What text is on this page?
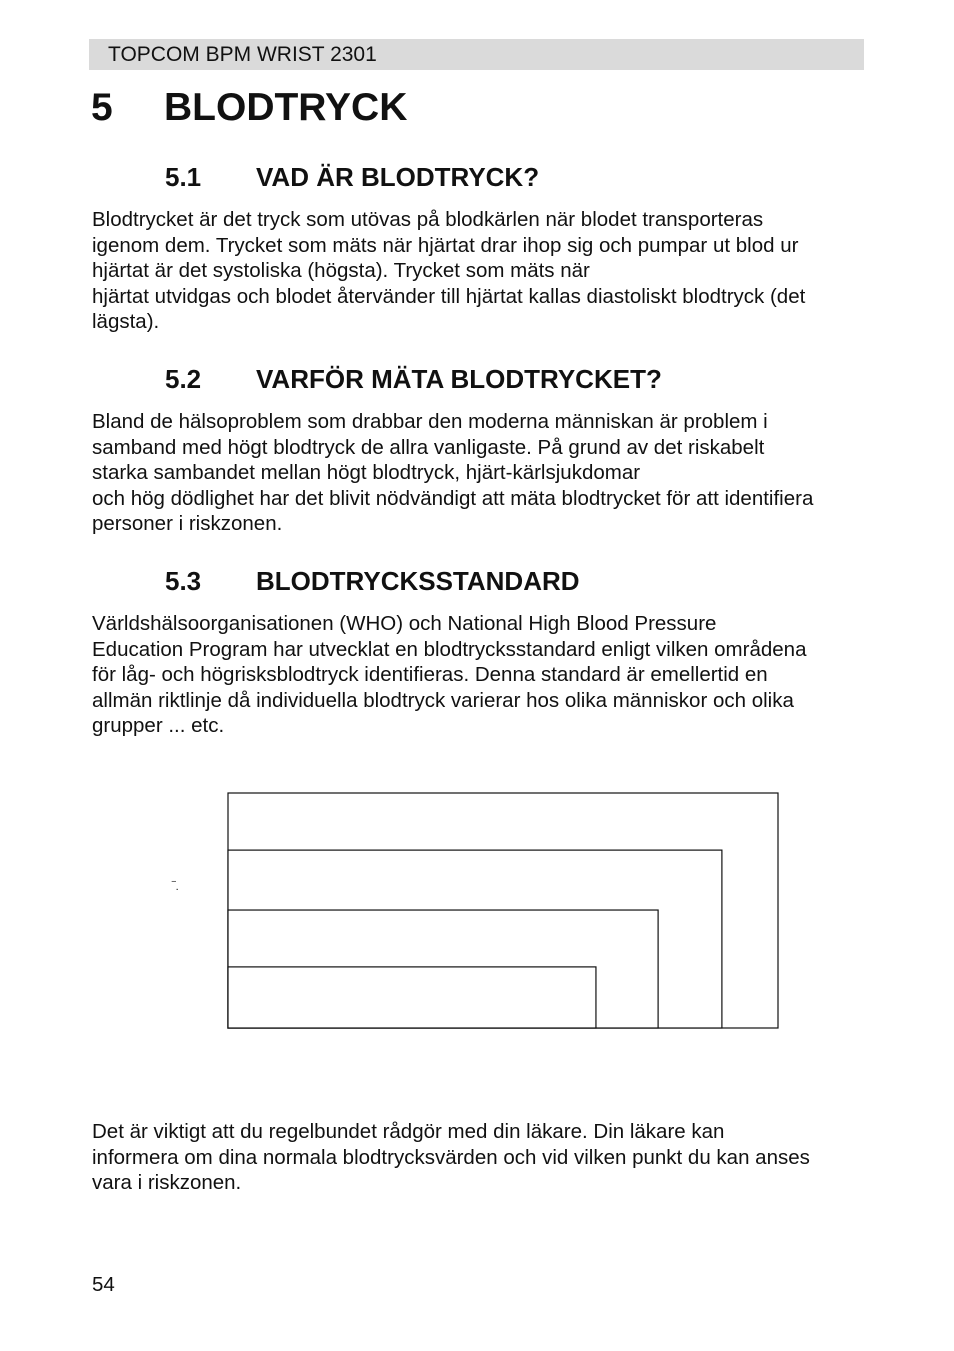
TOPCOM BPM WRIST 2301
5 BLODTRYCK
5.1 VAD ÄR BLODTRYCK?
Blodtrycket är det tryck som utövas på blodkärlen när blodet transporteras
igenom dem. Trycket som mäts när hjärtat drar ihop sig och pumpar ut blod ur
hjärtat är det systoliska (högsta). Trycket som mäts när
hjärtat utvidgas och blodet återvänder till hjärtat kallas diastoliskt blodtryck (det
lägsta).
5.2 VARFÖR MÄTA BLODTRYCKET?
Bland de hälsoproblem som drabbar den moderna människan är problem i
samband med högt blodtryck de allra vanligaste. På grund av det riskabelt
starka sambandet mellan högt blodtryck, hjärt-kärlsjukdomar
och hög dödlighet har det blivit nödvändigt att mäta blodtrycket för att identifiera
personer i riskzonen.
5.3 BLODTRYCKSSTANDARD
Världshälsoorganisationen (WHO) och National High Blood Pressure
Education Program har utvecklat en blodtrycksstandard enligt vilken områdena
för låg- och högrisksblodtryck identifieras. Denna standard är emellertid en
allmän riktlinje då individuella blodtryck varierar hos olika människor och olika
grupper ... etc.
‾.
Det är viktigt att du regelbundet rådgör med din läkare. Din läkare kan
informera om dina normala blodtrycksvärden och vid vilken punkt du kan anses
vara i riskzonen.
54
